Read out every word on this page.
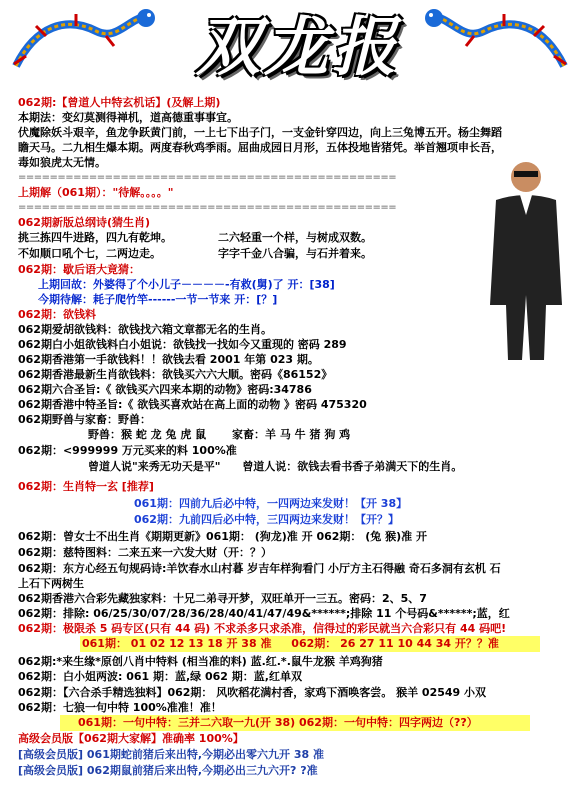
双龙报
062期:【曾道人中特玄机话】(及解上期)
本期法：变幻莫测得禅机，道高德重事事宜。
伏魔除妖斗艰辛，鱼龙争跃黄门前，一上七下出子门，一支金针穿四边，向上三兔博五开。杨尘舞蹈
瞻天马。二九相生爆本期。两度春秋鸡季雨。屈曲成园日月形，五体投地皆猪凭。举首翘项申长吾，
毒如狼虎太无情。
================================================
上期解（061期）："待解。。。。"
================================================
062期新版总纲诗(猜生肖)
挑三拣四牛进路，四九有乾坤。	二六轻重一个样，与树成双数。
不如顺口吼个七，二两边走。	字字千金八合骗，与石并着来。
062期：歇后语大竟猜：
上期回故：外婆得了个小儿子－－－－-有救(舅)了 开：[38]
今期待解：耗子爬竹竿------一节一节来 开：[？]
062期：欲钱料
062期爱胡欲钱料：欲钱找六箱文章都无名的生肖。
062期白小姐欲钱料白小姐说：欲钱找一找如今又重现的 密码 289
062期香港第一手欲钱料！！欲钱去看 2001 年第 023 期。
062期香港最新生肖欲钱料：欲钱买六六大顺。密码《86152》
062期六合圣旨:《 欲钱买六四来本期的动物》密码:34786
062期香港中特圣旨:《 欲钱买喜欢站在高上面的动物 》密码 475320
062期野兽与家畜：野兽：
野兽：猴 蛇 龙 兔 虎 鼠 家畜：羊 马 牛 猪 狗 鸡
062期：<999999 万元买来的料 100%准
曾道人说"来秀无功天是平" 曾道人说：欲钱去看书香子弟满天下的生肖。
062期：生肖特一玄 [推荐]
061期：四前九后必中特，一四两边来发财！【开 38】
062期：九前四后必中特，三四两边来发财！【开？】
062期：曾女士不出生肖《期期更新》061期： (狗龙)准 开 062期： (兔 猴)准 开
062期：慈特图料：二来五来一六发大财（开：？）
062期：东方心经五句规码诗:羊饮春水山村暮 岁吉年样狗看门 小厅方主石得融 奇石多洞有玄机 石
上石下两树生
062期香港六合彩先藏独家料：十兄二弟寻开梦，双旺单开一三五。密码：2、5、7
062期：排除: 06/25/30/07/28/36/28/40/41/47/49&******;排除 11 个号码&******;蓝，红
062期：极限杀 5 码专区(只有 44 码) 不求杀多只求杀准，信得过的彩民就当六合彩只有 44 码吧!
061期： 01 02 12 13 18 开 38 准 062期： 26 27 11 10 44 34 开？？准
062期:*来生缘*原创八肖中特料 (相当准的料) 蓝.红.*.鼠牛龙猴 羊鸡狗猪
062期：白小姐两波: 061 期：蓝,绿 062 期：蓝,红单双
062期：【六合杀手精选独料】062期： 风吹稻花满村香，家鸡下酒唤客尝。 猴羊 02549 小双
062期：七狼一句中特 100%准准！准！
061期：一句中特：三并二六取一九(开 38) 062期：一句中特：四字两边（??）
高级会员版【062期大家解】准确率 100%】
[高级会员版] 061期蛇前猪后来出特,今期必出零六九开 38 准
[高级会员版] 062期鼠前猪后来出特,今期必出三九六开? ?准
